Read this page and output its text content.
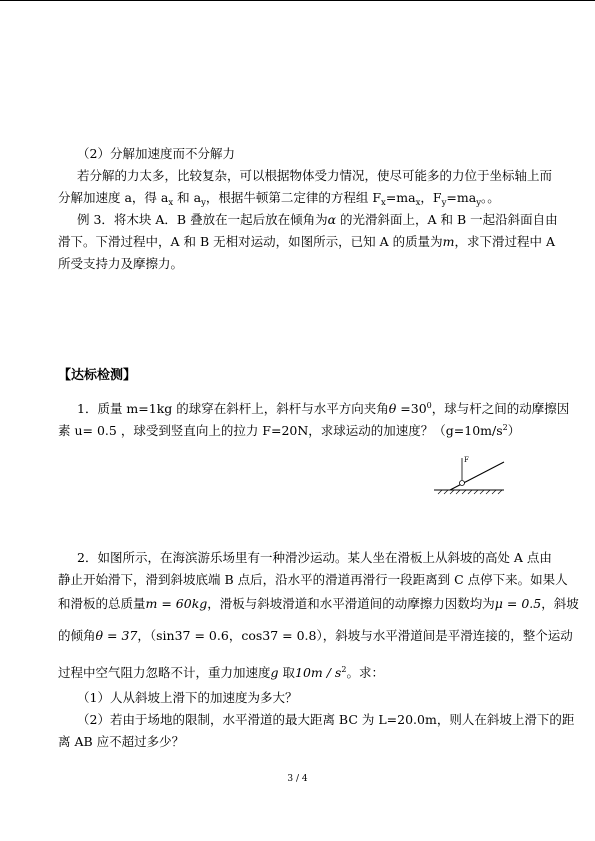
（2）分解加速度而不分解力
若分解的力太多，比较复杂，可以根据物体受力情况，使尽可能多的力位于坐标轴上而
分解加速度 a，得 $a_x$ 和 $a_y$，根据牛顿第二定律的方程组 $F_x=ma_x$，$F_y=ma_y$。。
例 3．将木块 A．B 叠放在一起后放在倾角为α 的光滑斜面上，A 和 B 一起沿斜面自由
滑下。下滑过程中，A 和 B 无相对运动，如图所示，已知 A 的质量为m，求下滑过程中 A
所受支持力及摩擦力。
【达标检测】
1．质量 m=1kg 的球穿在斜杆上，斜杆与水平方向夹角$\theta =30^0$，球与杆之间的动摩擦因
素 u= 0.5 ，球受到竖直向上的拉力 F=20N，求球运动的加速度？$(g=10m/s^2)$
F
2．如图所示，在海滨游乐场里有一种滑沙运动。某人坐在滑板上从斜坡的高处 A 点由
静止开始滑下，滑到斜坡底端 B 点后，沿水平的滑道再滑行一段距离到 C 点停下来。如果人
和滑板的总质量m = 60kg，滑板与斜坡滑道和水平滑道间的动摩擦力因数均为μ = 0.5，斜坡
的倾角θ = 37，（sin37 = 0.6，cos37 = 0.8），斜坡与水平滑道间是平滑连接的，整个运动
过程中空气阻力忽略不计，重力加速度g 取$10m / s^2$。求：
（1）人从斜坡上滑下的加速度为多大？
（2）若由于场地的限制，水平滑道的最大距离 BC 为 L=20.0m，则人在斜坡上滑下的距
离 AB 应不超过多少？
3 / 4
